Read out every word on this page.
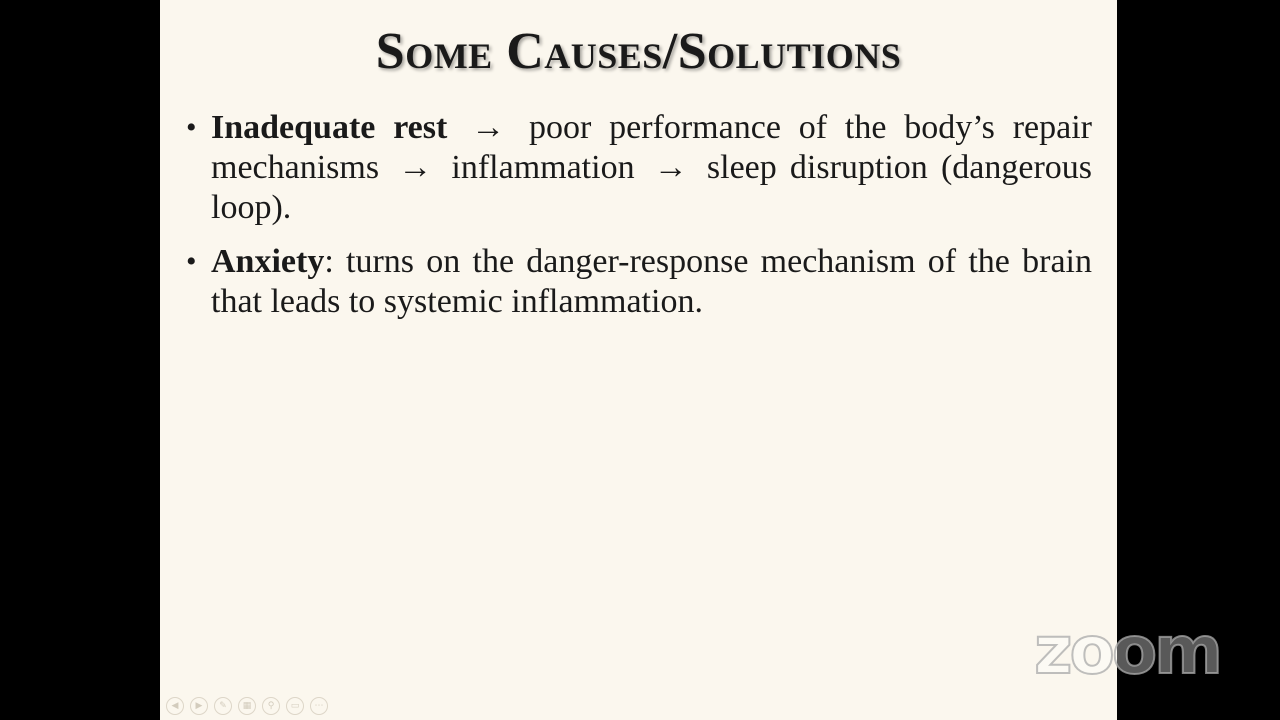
Some Causes/Solutions
• Inadequate rest → poor performance of the body’s repair mechanisms → inflammation → sleep disruption (dangerous loop).
• Anxiety: turns on the danger-response mechanism of the brain that leads to systemic inflammation.
◀	▶	✎	▦	⚲	▭	⋯
zoom
